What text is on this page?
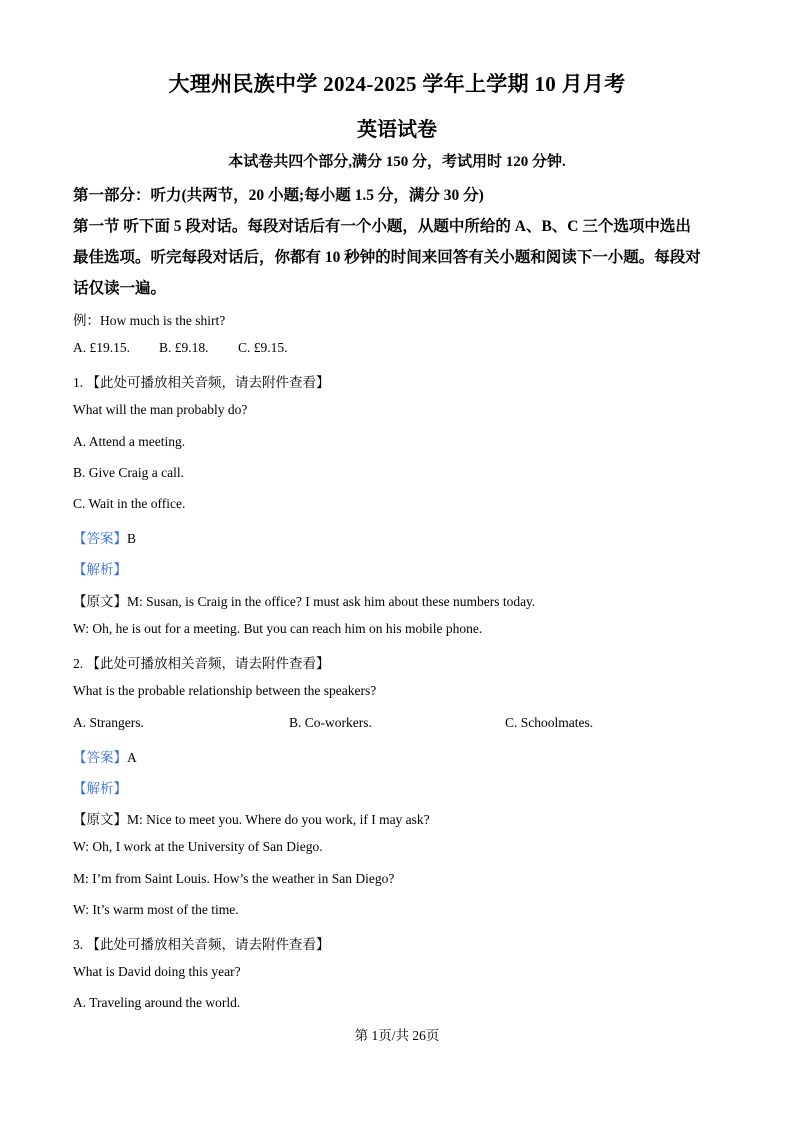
大理州民族中学 2024-2025 学年上学期 10 月月考
英语试卷
本试卷共四个部分,满分 150 分，考试用时 120 分钟.
第一部分：听力(共两节，20 小题;每小题 1.5 分，满分 30 分)
第一节 听下面 5 段对话。每段对话后有一个小题，从题中所给的 A、B、C 三个选项中选出
最佳选项。听完每段对话后，你都有 10 秒钟的时间来回答有关小题和阅读下一小题。每段对
话仅读一遍。
例：How much is the shirt?
A. £19.15. B. £9.18. C. £9.15.
1. 【此处可播放相关音频，请去附件查看】
What will the man probably do?
A. Attend a meeting.
B. Give Craig a call.
C. Wait in the office.
【答案】B
【解析】
【原文】M: Susan, is Craig in the office? I must ask him about these numbers today.
W: Oh, he is out for a meeting. But you can reach him on his mobile phone.
2. 【此处可播放相关音频，请去附件查看】
What is the probable relationship between the speakers?
A. Strangers.	B. Co-workers.	C. Schoolmates.
【答案】A
【解析】
【原文】M: Nice to meet you. Where do you work, if I may ask?
W: Oh, I work at the University of San Diego.
M: I’m from Saint Louis. How’s the weather in San Diego?
W: It’s warm most of the time.
3. 【此处可播放相关音频，请去附件查看】
What is David doing this year?
A. Traveling around the world.
第 1页/共 26页
